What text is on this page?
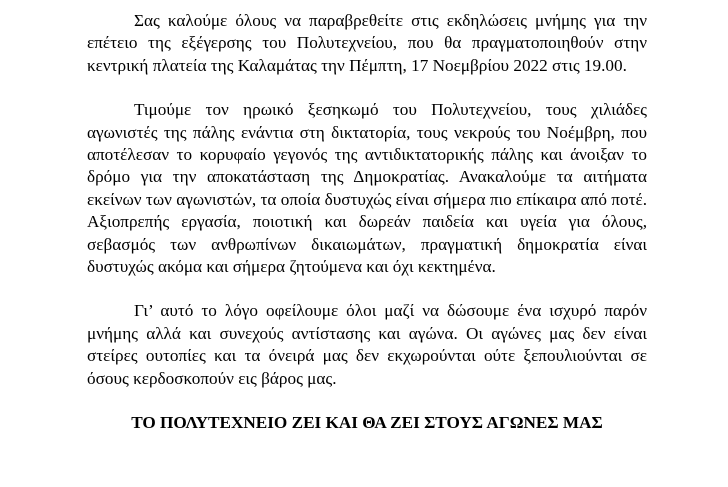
Σας καλούμε όλους να παραβρεθείτε στις εκδηλώσεις μνήμης για την επέτειο της εξέγερσης του Πολυτεχνείου, που θα πραγματοποιηθούν στην κεντρική πλατεία της Καλαμάτας την Πέμπτη, 17 Νοεμβρίου 2022 στις 19.00.

Τιμούμε τον ηρωικό ξεσηκωμό του Πολυτεχνείου, τους χιλιάδες αγωνιστές της πάλης ενάντια στη δικτατορία, τους νεκρούς του Νοέμβρη, που αποτέλεσαν το κορυφαίο γεγονός της αντιδικτατορικής πάλης και άνοιξαν το δρόμο για την αποκατάσταση της Δημοκρατίας. Ανακαλούμε τα αιτήματα εκείνων των αγωνιστών, τα οποία δυστυχώς είναι σήμερα πιο επίκαιρα από ποτέ. Αξιοπρεπής εργασία, ποιοτική και δωρεάν παιδεία και υγεία για όλους, σεβασμός των ανθρωπίνων δικαιωμάτων, πραγματική δημοκρατία είναι δυστυχώς ακόμα και σήμερα ζητούμενα και όχι κεκτημένα.

Γι’ αυτό το λόγο οφείλουμε όλοι μαζί να δώσουμε ένα ισχυρό παρόν μνήμης αλλά και συνεχούς αντίστασης και αγώνα. Οι αγώνες μας δεν είναι στείρες ουτοπίες και τα όνειρά μας δεν εκχωρούνται ούτε ξεπουλιούνται σε όσους κερδοσκοπούν εις βάρος μας.

ΤΟ ΠΟΛΥΤΕΧΝΕΙΟ ΖΕΙ ΚΑΙ ΘΑ ΖΕΙ ΣΤΟΥΣ ΑΓΩΝΕΣ ΜΑΣ
